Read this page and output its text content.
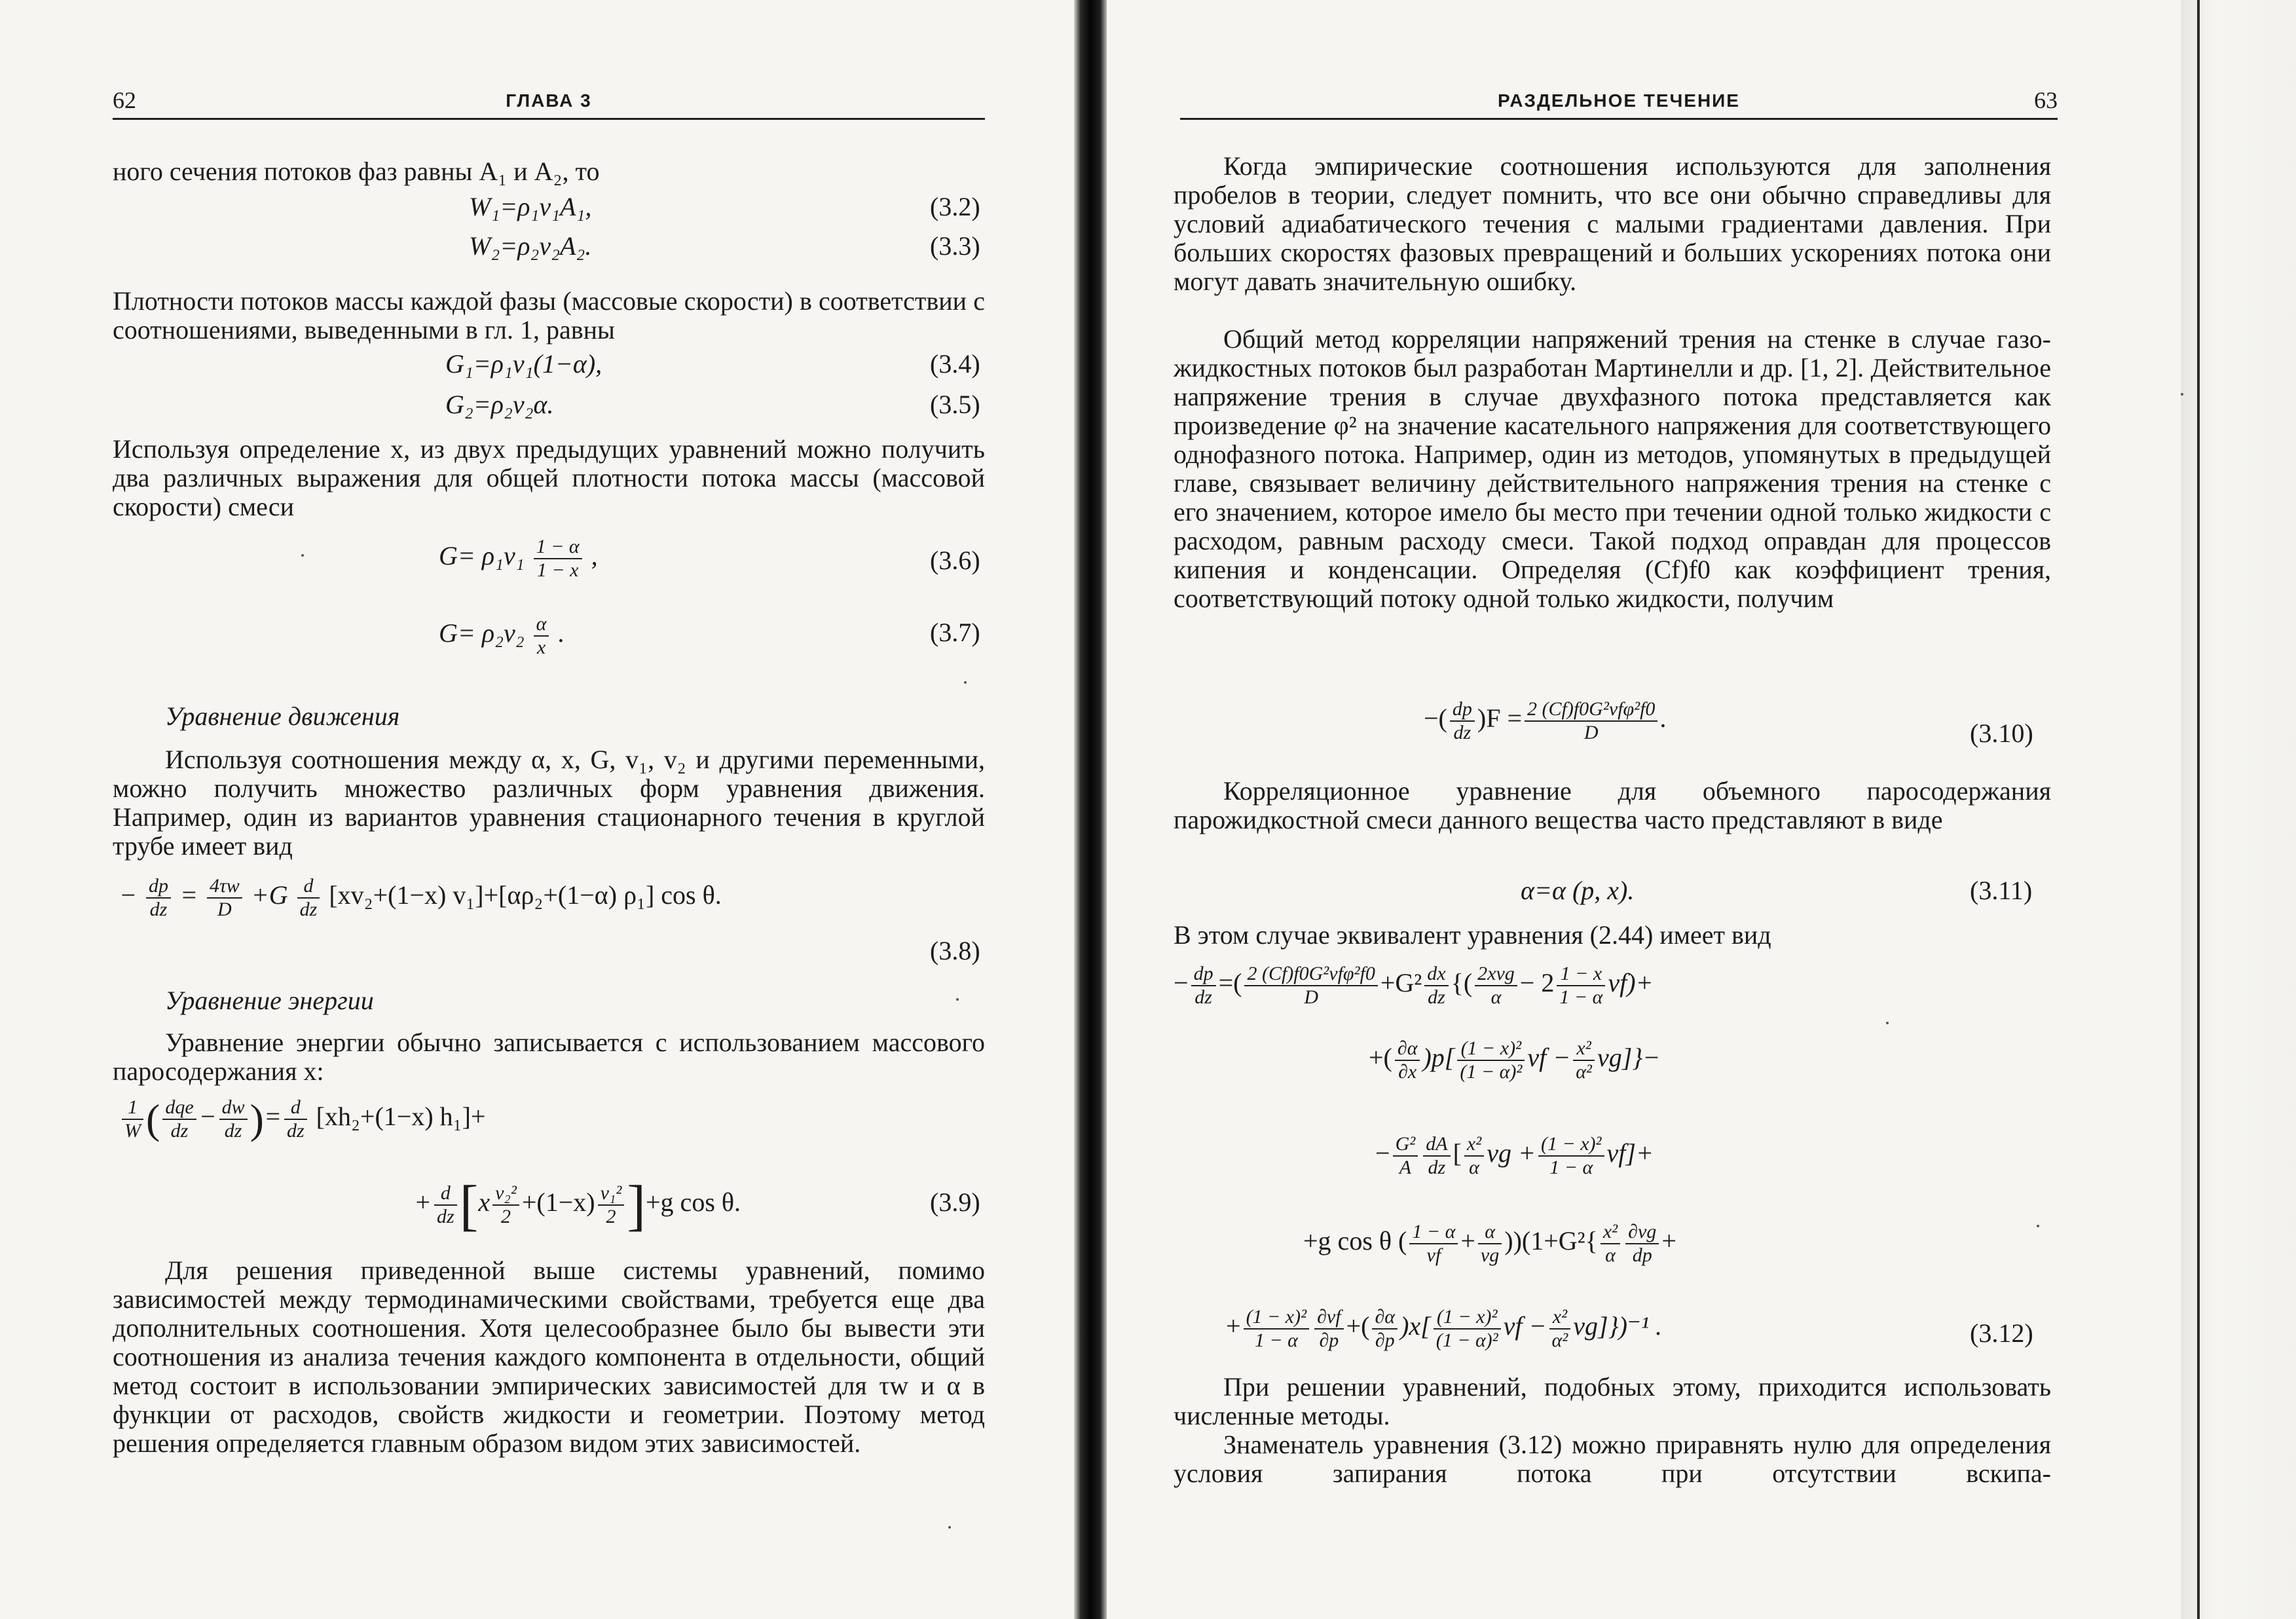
62	ГЛАВА 3
ного сечения потоков фаз равны A₁ и A₂, то
W₁=ρ₁v₁A₁,	(3.2)
W₂=ρ₂v₂A₂.	(3.3)
Плотности потоков массы каждой фазы (массовые скорости) в соответствии с соотношениями, выведенными в гл. 1, равны
G₁=ρ₁v₁(1−α),	(3.4)
G₂=ρ₂v₂α.	(3.5)
Используя определение x, из двух предыдущих уравнений можно получить два различных выражения для общей плотности потока массы (массовой скорости) смеси
$G= \rho_1v_1 \frac{1 - \alpha}{1 - x}$ ,	(3.6)
$G= \rho_2v_2 \frac{\alpha}{x}$ .	(3.7)
Уравнение движения
Используя соотношения между α, x, G, v₁, v₂ и другими переменными, можно получить множество различных форм уравнения движения. Например, один из вариантов уравнения стационарного течения в круглой трубе имеет вид
− $\frac{dp}{dz} = \frac{4\tau w}{D} +G \frac{d}{dz} [xv_2+(1-x)$ v₁]+[αρ₂+(1−α) ρ₁] cos θ.
(3.8)
Уравнение энергии
Уравнение энергии обычно записывается с использованием массового паросодержания x:
$\frac{1}{W}$ ( $\frac{\text{dqe}}{dz} - \frac{dw}{dz}$ )= $\frac{d}{dz} [xh_2+(1-x)$ h₁]+
+ $\frac{d}{dz} [x \frac{\text{v₂²}}{2} +(1-x) \frac{\text{v₁²}}{2} ]+g$ cos θ.	(3.9)
Для решения приведенной выше системы уравнений, помимо зависимостей между термодинамическими свойствами, требуется еще два дополнительных соотношения. Хотя целесообразнее было бы вывести эти соотношения из анализа течения каждого компонента в отдельности, общий метод состоит в использовании эмпирических зависимостей для τw и α в функции от расходов, свойств жидкости и геометрии. Поэтому метод решения определяется главным образом видом этих зависимостей.
РАЗДЕЛЬНОЕ ТЕЧЕНИЕ	63
Когда эмпирические соотношения используются для заполнения пробелов в теории, следует помнить, что все они обычно справедливы для условий адиабатического течения с малыми градиентами давления. При больших скоростях фазовых превращений и больших ускорениях потока они могут давать значительную ошибку.
Общий метод корреляции напряжений трения на стенке в случае газо-жидкостных потоков был разработан Мартинелли и др. [1, 2]. Действительное напряжение трения в случае двухфазного потока представляется как произведение φ² на значение касательного напряжения для соответствующего однофазного потока. Например, один из методов, упомянутых в предыдущей главе, связывает величину действительного напряжения трения на стенке с его значением, которое имело бы место при течении одной только жидкости с расходом, равным расходу смеси. Такой подход оправдан для процессов кипения и конденсации. Определяя (Cf)f0 как коэффициент трения, соответствующий потоку одной только жидкости, получим
−( $\frac{dp}{dz} )F = \frac{\text{2 (Cf)f0G²vfφ²f0}}{D}$ .
(3.10)
Корреляционное уравнение для объемного паросодержания парожидкостной смеси данного вещества часто представляют в виде
α=α (p, x).	(3.11)
В этом случае эквивалент уравнения (2.44) имеет вид
− $\frac{dp}{dz}$ =( $\frac{\text{2 (Cf)f0G²vfφ²f0}}{D} +G^2 \frac{dx}{dz}$ {( $\frac{\text{2xvg}}{\alpha} - 2 \frac{1 - x}{1 - \alpha} vf)+$
+( $\frac{\partial\alpha}{\partial x} )p[ \frac{\text{(1 − x)²}}{\text{(1 − α)²}}$ vf − $\frac{\text{x²}}{\text{α²}} vg]\}-$
− $\frac{\text{G²}}{A} \frac{dA}{dz}$ [ $\frac{\text{x²}}{\alpha}$ vg + $\frac{\text{(1 − x)²}}{1 - \alpha} vf]+$
+g cos θ ( $\frac{1 - \alpha}{vf} + \frac{\alpha}{vg} ))(1+G^2\{ \frac{\text{x²}}{\alpha} \frac{\partial vg}{dp}$ +
+ $\frac{\text{(1 − x)²}}{1 - \alpha} \frac{\partial vf}{\partial p}$ +( $\frac{\partial\alpha}{\partial p} )x[ \frac{\text{(1 − x)²}}{\text{(1 − α)²}}$ vf − $\frac{\text{x²}}{\text{α²}} vg]\})^{-1}$ .	(3.12)
При решении уравнений, подобных этому, приходится использовать численные методы.
Знаменатель уравнения (3.12) можно приравнять нулю для определения условия запирания потока при отсутствии вскипа-
